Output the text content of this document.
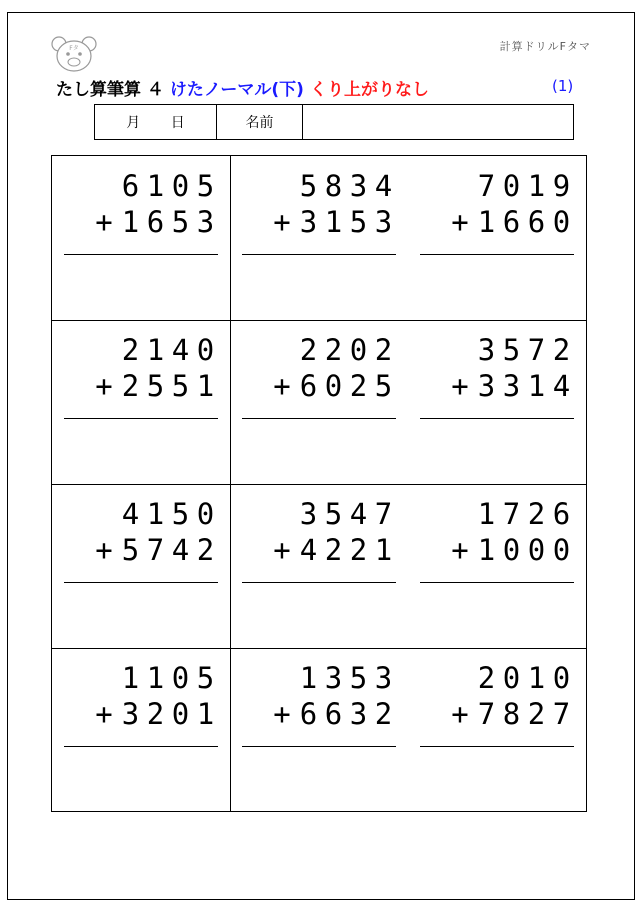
Fタ	計算ドリルFタマ
たし算筆算 ４ けたノーマル(下) くり上がりなし	(1)
月 日	名前
6 1 0 5
+ 1 6 5 3
5 8 3 4
+ 3 1 5 3
7 0 1 9
+ 1 6 6 0
2 1 4 0
+ 2 5 5 1
2 2 0 2
+ 6 0 2 5
3 5 7 2
+ 3 3 1 4
4 1 5 0
+ 5 7 4 2
3 5 4 7
+ 4 2 2 1
1 7 2 6
+ 1 0 0 0
1 1 0 5
+ 3 2 0 1
1 3 5 3
+ 6 6 3 2
2 0 1 0
+ 7 8 2 7
